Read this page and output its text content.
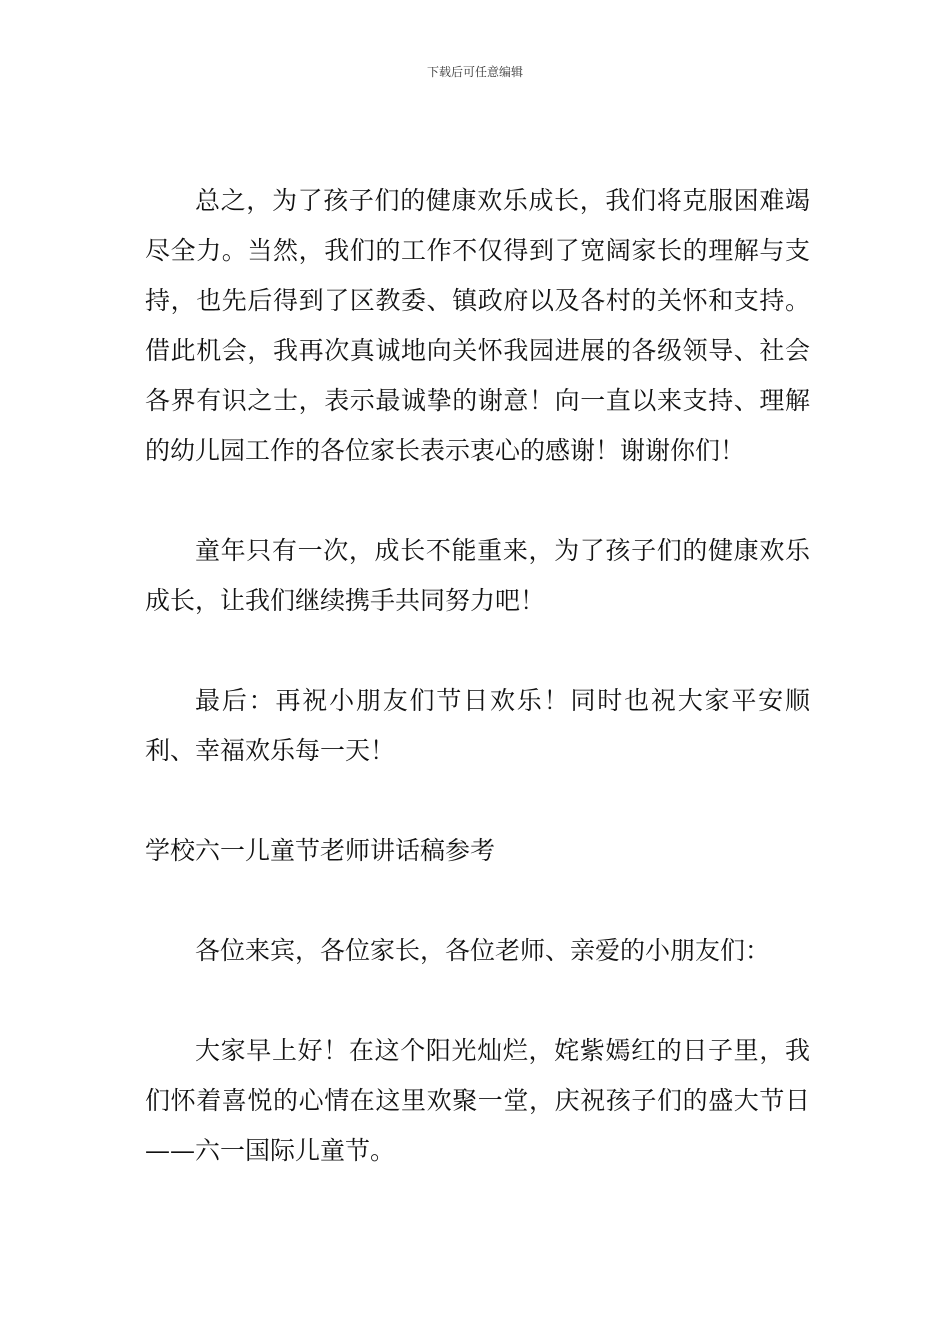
下载后可任意编辑

总之，为了孩子们的健康欢乐成长，我们将克服困难竭尽全力。当然，我们的工作不仅得到了宽阔家长的理解与支持，也先后得到了区教委、镇政府以及各村的关怀和支持。借此机会，我再次真诚地向关怀我园进展的各级领导、社会各界有识之士，表示最诚挚的谢意！向一直以来支持、理解的幼儿园工作的各位家长表示衷心的感谢！谢谢你们！

童年只有一次，成长不能重来，为了孩子们的健康欢乐成长，让我们继续携手共同努力吧！

最后：再祝小朋友们节日欢乐！同时也祝大家平安顺利、幸福欢乐每一天！

学校六一儿童节老师讲话稿参考

各位来宾，各位家长，各位老师、亲爱的小朋友们：

大家早上好！在这个阳光灿烂，姹紫嫣红的日子里，我们怀着喜悦的心情在这里欢聚一堂，庆祝孩子们的盛大节日——六一国际儿童节。
